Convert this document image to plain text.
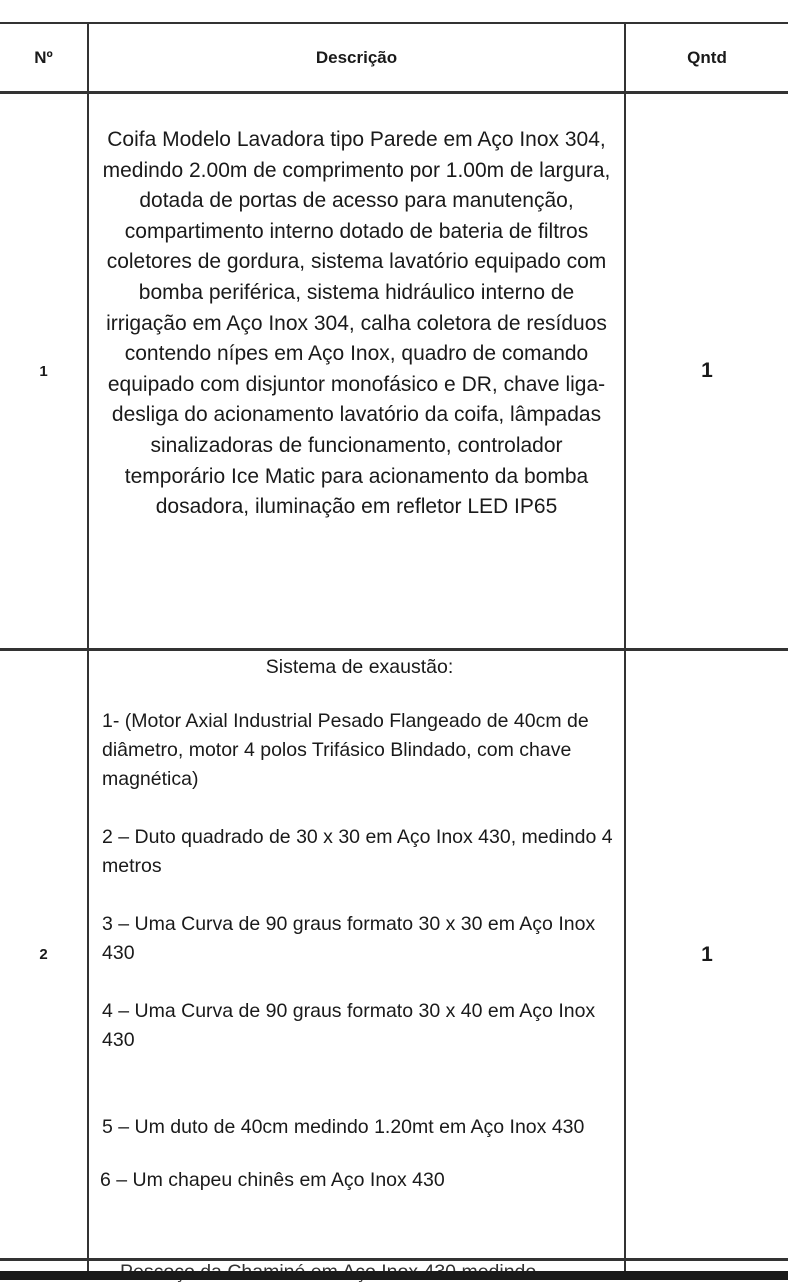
Nº	Descrição	Qntd
1
Coifa Modelo Lavadora tipo Parede em Aço Inox 304, medindo 2.00m de comprimento por 1.00m de largura, dotada de portas de acesso para manutenção, compartimento interno dotado de bateria de filtros coletores de gordura, sistema lavatório equipado com bomba periférica, sistema hidráulico interno de irrigação em Aço Inox 304, calha coletora de resíduos contendo nípes em Aço Inox, quadro de comando equipado com disjuntor monofásico e DR, chave liga-desliga do acionamento lavatório da coifa, lâmpadas sinalizadoras de funcionamento, controlador temporário Ice Matic para acionamento da bomba dosadora, iluminação em refletor LED IP65
1
2
Sistema de exaustão:
1- (Motor Axial Industrial Pesado Flangeado de 40cm de diâmetro, motor 4 polos Trifásico Blindado, com chave magnética)
2 – Duto quadrado de 30 x 30 em Aço Inox 430, medindo 4 metros
3 – Uma Curva de 90 graus formato 30 x 30 em Aço Inox 430
4 – Uma Curva de 90 graus formato 30 x 40 em Aço Inox 430
5 – Um duto de 40cm medindo 1.20mt em Aço Inox 430
6 – Um chapeu chinês em Aço Inox 430
1
